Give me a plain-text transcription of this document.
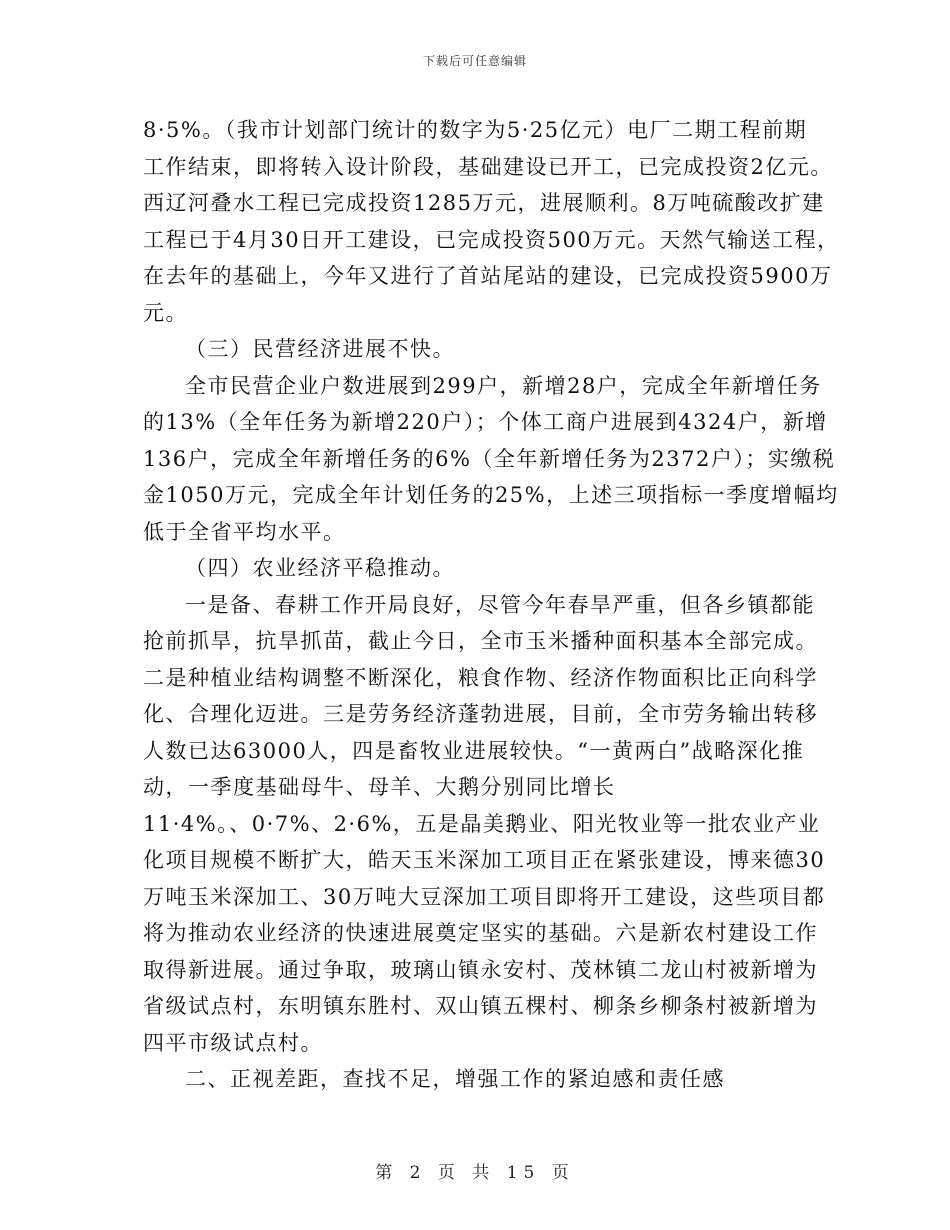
下载后可任意编辑
8·5%。（我市计划部门统计的数字为5·25亿元）电厂二期工程前期
工作结束，即将转入设计阶段，基础建设已开工，已完成投资2亿元。
西辽河叠水工程已完成投资1285万元，进展顺利。8万吨硫酸改扩建
工程已于4月30日开工建设，已完成投资500万元。天然气输送工程，
在去年的基础上，今年又进行了首站尾站的建设，已完成投资5900万
元。
（三）民营经济进展不快。
全市民营企业户数进展到299户，新增28户，完成全年新增任务
的13%（全年任务为新增220户）；个体工商户进展到4324户，新增
136户，完成全年新增任务的6%（全年新增任务为2372户）；实缴税
金1050万元，完成全年计划任务的25%，上述三项指标一季度增幅均
低于全省平均水平。
（四）农业经济平稳推动。
一是备、春耕工作开局良好，尽管今年春旱严重，但各乡镇都能
抢前抓旱，抗旱抓苗，截止今日，全市玉米播种面积基本全部完成。
二是种植业结构调整不断深化，粮食作物、经济作物面积比正向科学
化、合理化迈进。三是劳务经济蓬勃进展，目前，全市劳务输出转移
人数已达63000人，四是畜牧业进展较快。“一黄两白”战略深化推
动，一季度基础母牛、母羊、大鹅分别同比增长
11·4%。、0·7%、2·6%，五是晶美鹅业、阳光牧业等一批农业产业
化项目规模不断扩大，皓天玉米深加工项目正在紧张建设，博来德30
万吨玉米深加工、30万吨大豆深加工项目即将开工建设，这些项目都
将为推动农业经济的快速进展奠定坚实的基础。六是新农村建设工作
取得新进展。通过争取，玻璃山镇永安村、茂林镇二龙山村被新增为
省级试点村，东明镇东胜村、双山镇五棵村、柳条乡柳条村被新增为
四平市级试点村。
二、正视差距，查找不足，增强工作的紧迫感和责任感
第 2 页 共 15 页
